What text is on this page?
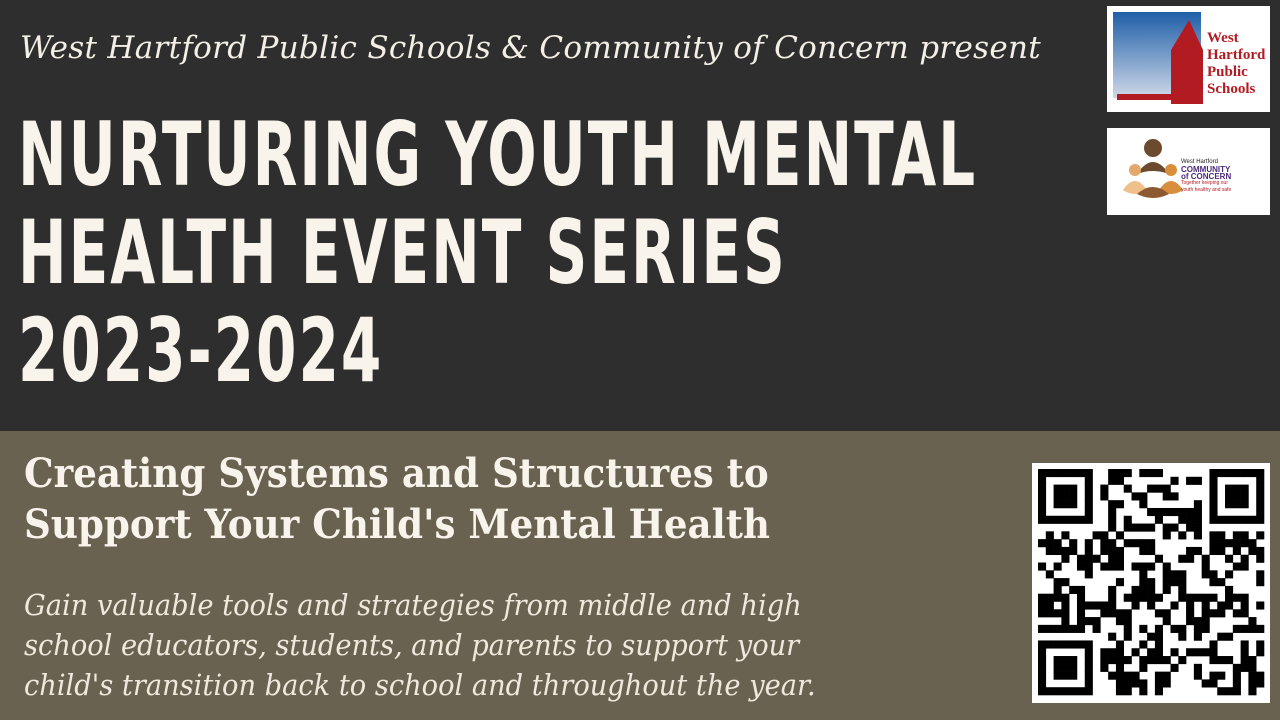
West Hartford Public Schools & Community of Concern present
NURTURING YOUTH MENTAL
HEALTH EVENT SERIES
2023-2024
West
Hartford
Public
Schools
West Hartford
COMMUNITY
of CONCERN
Together keeping our
youth healthy and safe
Creating Systems and Structures to
Support Your Child's Mental Health
Gain valuable tools and strategies from middle and high
school educators, students, and parents to support your
child's transition back to school and throughout the year.
